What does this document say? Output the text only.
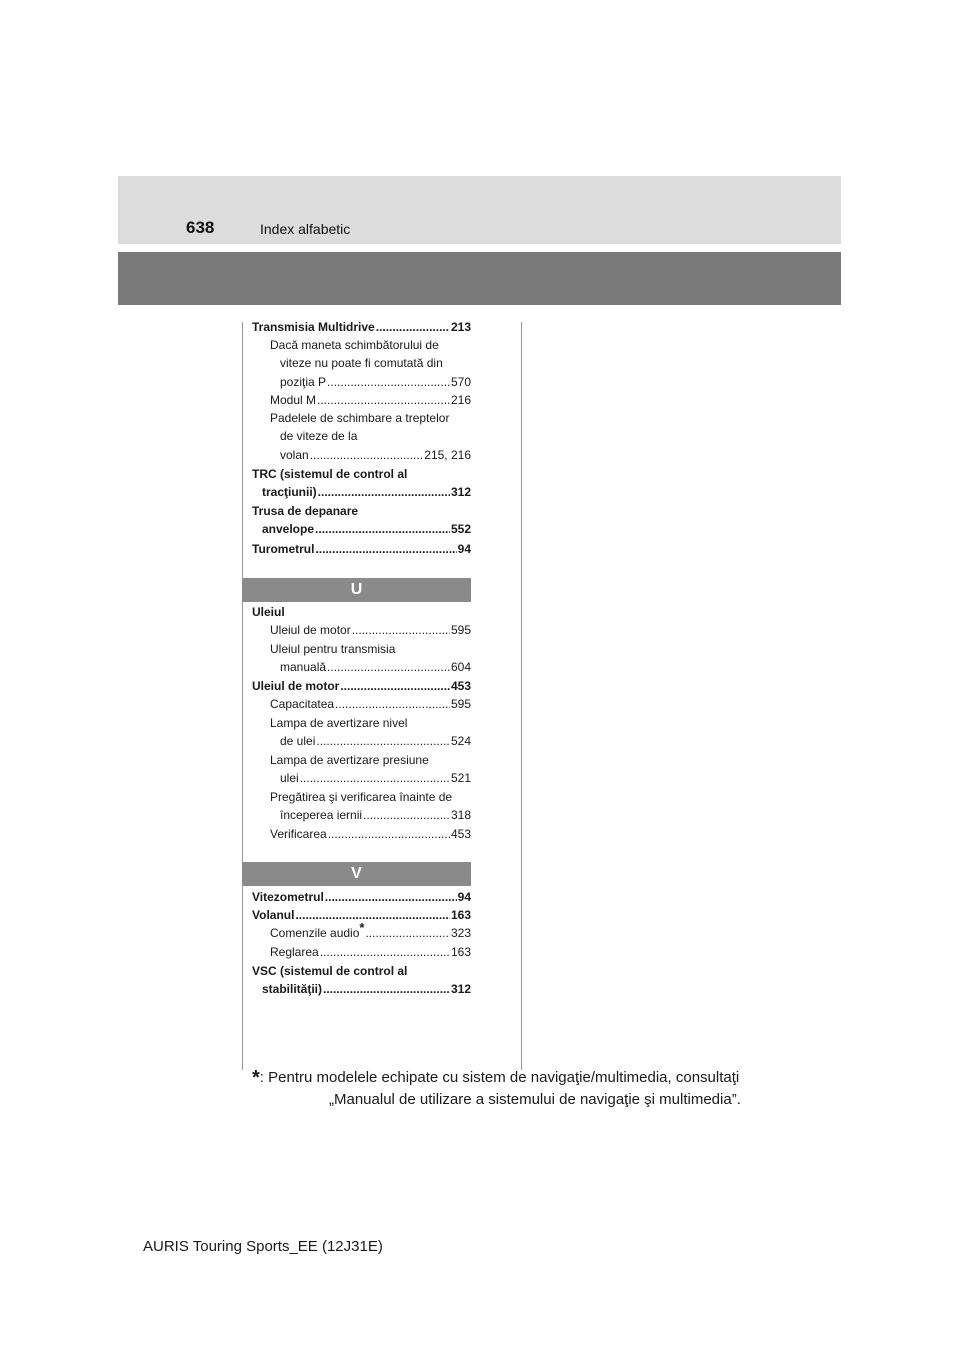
638	Index alfabetic
Transmisia Multidrive .....	213
Dacă maneta schimbătorului de
viteze nu poate fi comutată din
poziţia P .....	570
Modul M .....	216
Padelele de schimbare a treptelor
de viteze de la
volan .....	215, 216
TRC (sistemul de control al
tracţiunii) .....	312
Trusa de depanare
anvelope .....	552
Turometrul .....	94
U
Uleiul
Uleiul de motor .....	595
Uleiul pentru transmisia
manuală .....	604
Uleiul de motor .....	453
Capacitatea .....	595
Lampa de avertizare nivel
de ulei .....	524
Lampa de avertizare presiune
ulei .....	521
Pregătirea şi verificarea înainte de
începerea iernii .....	318
Verificarea .....	453
V
Vitezometrul .....	94
Volanul .....	163
Comenzile audio* .....	323
Reglarea .....	163
VSC (sistemul de control al
stabilităţii) .....	312
*: Pentru modelele echipate cu sistem de navigaţie/multimedia, consultaţi
„Manualul de utilizare a sistemului de navigaţie şi multimedia”.
AURIS Touring Sports_EE (12J31E)
